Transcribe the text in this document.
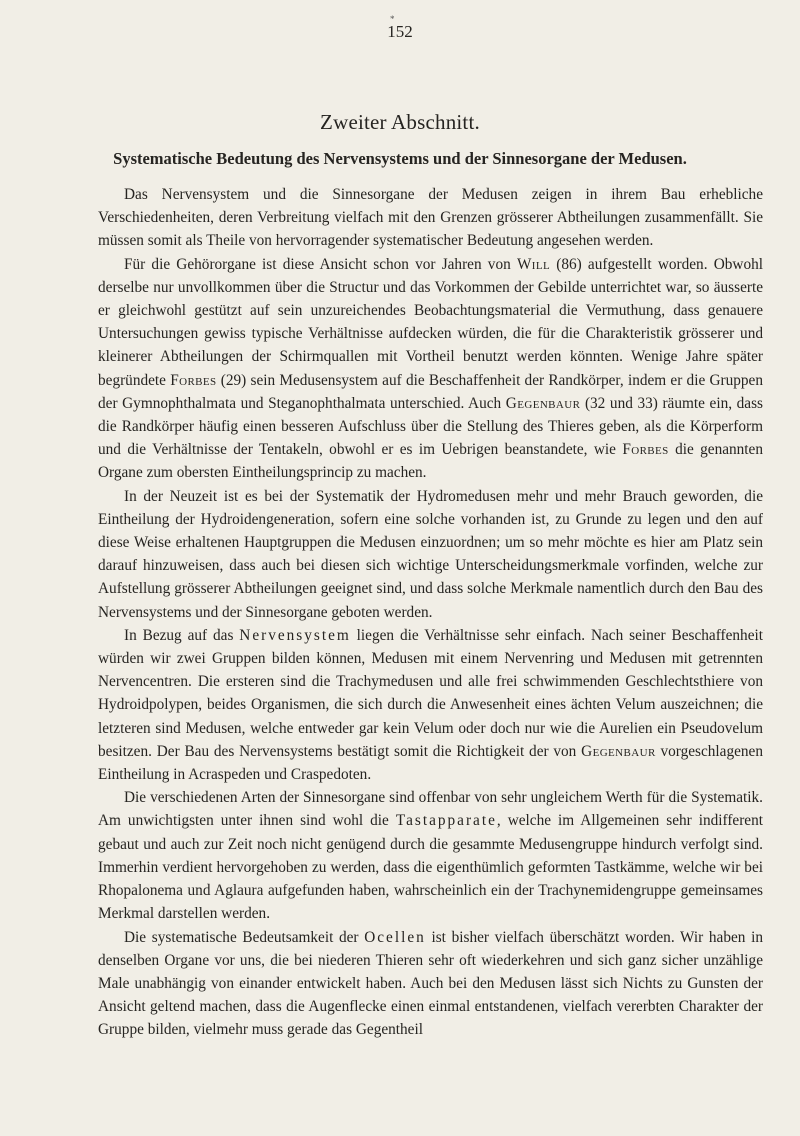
*
152
Zweiter Abschnitt.
Systematische Bedeutung des Nervensystems und der Sinnesorgane der Medusen.

Das Nervensystem und die Sinnesorgane der Medusen zeigen in ihrem Bau erhebliche Verschiedenheiten, deren Verbreitung vielfach mit den Grenzen grösserer Abtheilungen zusammenfällt. Sie müssen somit als Theile von hervorragender systematischer Bedeutung angesehen werden.

Für die Gehörorgane ist diese Ansicht schon vor Jahren von Will (86) aufgestellt worden. Obwohl derselbe nur unvollkommen über die Structur und das Vorkommen der Gebilde unterrichtet war, so äusserte er gleichwohl gestützt auf sein unzureichendes Beobachtungsmaterial die Vermuthung, dass genauere Untersuchungen gewiss typische Verhältnisse aufdecken würden, die für die Charakteristik grösserer und kleinerer Abtheilungen der Schirmquallen mit Vortheil benutzt werden könnten. Wenige Jahre später begründete Forbes (29) sein Medusensystem auf die Beschaffenheit der Randkörper, indem er die Gruppen der Gymnophthalmata und Steganophthalmata unterschied. Auch Gegenbaur (32 und 33) räumte ein, dass die Randkörper häufig einen besseren Aufschluss über die Stellung des Thieres geben, als die Körperform und die Verhältnisse der Tentakeln, obwohl er es im Uebrigen beanstandete, wie Forbes die genannten Organe zum obersten Eintheilungsprincip zu machen.

In der Neuzeit ist es bei der Systematik der Hydromedusen mehr und mehr Brauch geworden, die Eintheilung der Hydroidengeneration, sofern eine solche vorhanden ist, zu Grunde zu legen und den auf diese Weise erhaltenen Hauptgruppen die Medusen einzuordnen; um so mehr möchte es hier am Platz sein darauf hinzuweisen, dass auch bei diesen sich wichtige Unterscheidungsmerkmale vorfinden, welche zur Aufstellung grösserer Abtheilungen geeignet sind, und dass solche Merkmale namentlich durch den Bau des Nervensystems und der Sinnesorgane geboten werden.

In Bezug auf das Nervensystem liegen die Verhältnisse sehr einfach. Nach seiner Beschaffenheit würden wir zwei Gruppen bilden können, Medusen mit einem Nervenring und Medusen mit getrennten Nervencentren. Die ersteren sind die Trachymedusen und alle frei schwimmenden Geschlechtsthiere von Hydroidpolypen, beides Organismen, die sich durch die Anwesenheit eines ächten Velum auszeichnen; die letzteren sind Medusen, welche entweder gar kein Velum oder doch nur wie die Aurelien ein Pseudovelum besitzen. Der Bau des Nervensystems bestätigt somit die Richtigkeit der von Gegenbaur vorgeschlagenen Eintheilung in Acraspeden und Craspedoten.

Die verschiedenen Arten der Sinnesorgane sind offenbar von sehr ungleichem Werth für die Systematik. Am unwichtigsten unter ihnen sind wohl die Tastapparate, welche im Allgemeinen sehr indifferent gebaut und auch zur Zeit noch nicht genügend durch die gesammte Medusengruppe hindurch verfolgt sind. Immerhin verdient hervorgehoben zu werden, dass die eigenthümlich geformten Tastkämme, welche wir bei Rhopalonema und Aglaura aufgefunden haben, wahrscheinlich ein der Trachynemidengruppe gemeinsames Merkmal darstellen werden.

Die systematische Bedeutsamkeit der Ocellen ist bisher vielfach überschätzt worden. Wir haben in denselben Organe vor uns, die bei niederen Thieren sehr oft wiederkehren und sich ganz sicher unzählige Male unabhängig von einander entwickelt haben. Auch bei den Medusen lässt sich Nichts zu Gunsten der Ansicht geltend machen, dass die Augenflecke einen einmal entstandenen, vielfach vererbten Charakter der Gruppe bilden, vielmehr muss gerade das Gegentheil
